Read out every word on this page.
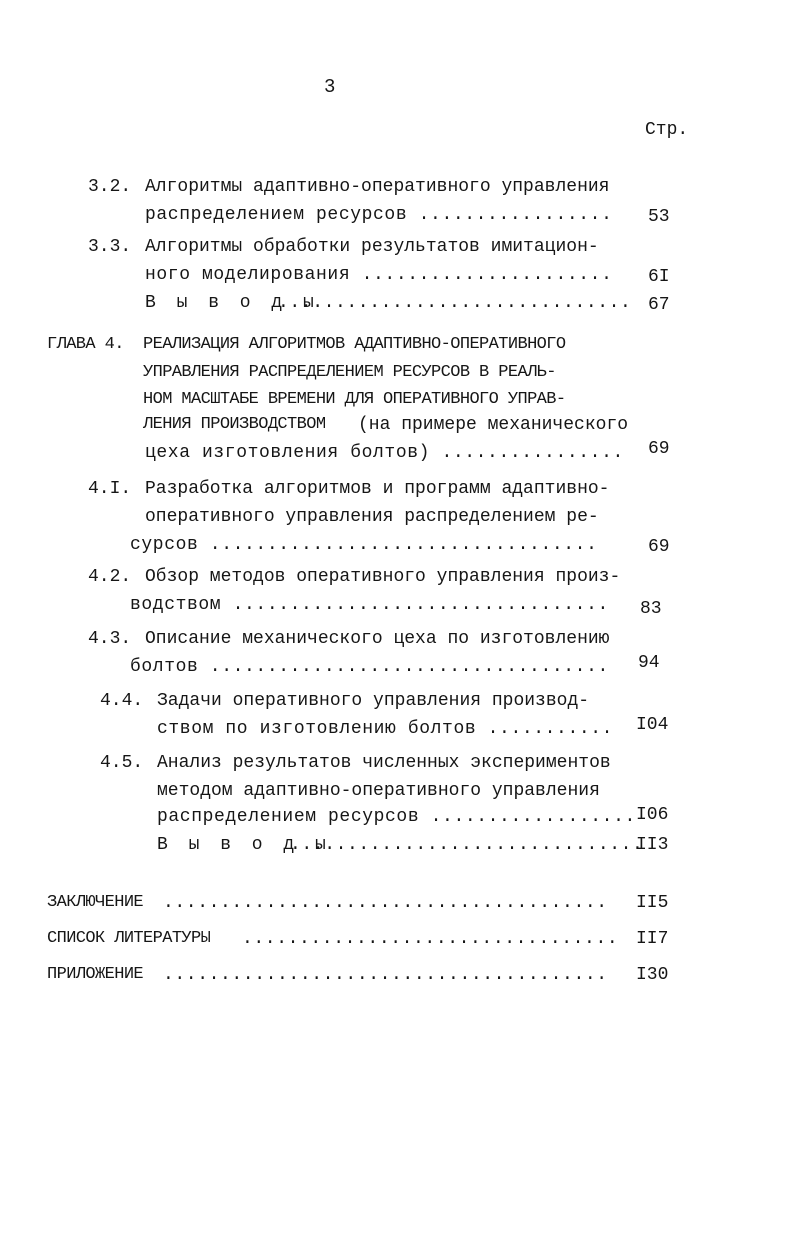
3
Стр.
3.2. Алгоритмы адаптивно-оперативного управления
распределением ресурсов ................. 53
3.3. Алгоритмы обработки результатов имитацион-
ного моделирования ...................... 6I
В ы в о д ы
............................... 67
ГЛАВА 4. РЕАЛИЗАЦИЯ АЛГОРИТМОВ АДАПТИВНО-ОПЕРАТИВНОГО
УПРАВЛЕНИЯ РАСПРЕДЕЛЕНИЕМ РЕСУРСОВ В РЕАЛЬ-
НОМ МАСШТАБЕ ВРЕМЕНИ ДЛЯ ОПЕРАТИВНОГО УПРАВ-
ЛЕНИЯ ПРОИЗВОДСТВОМ (на примере механического
цеха изготовления болтов) ................ 69
4.I. Разработка алгоритмов и программ адаптивно-
оперативного управления распределением ре-
сурсов ..................................	69
4.2. Обзор методов оперативного управления произ-
водством ................................. 83
4.3. Описание механического цеха по изготовлению
болтов ................................... 94
4.4. Задачи оперативного управления производ-
ством по изготовлению болтов ........... I04
4.5. Анализ результатов численных экспериментов
методом адаптивно-оперативного управления
распределением ресурсов .................. I06
В ы в о д ы
...............................
II3
ЗАКЛЮЧЕНИЕ ....................................... II5
СПИСОК ЛИТЕРАТУРЫ ................................. II7
ПРИЛОЖЕНИЕ ....................................... I30
